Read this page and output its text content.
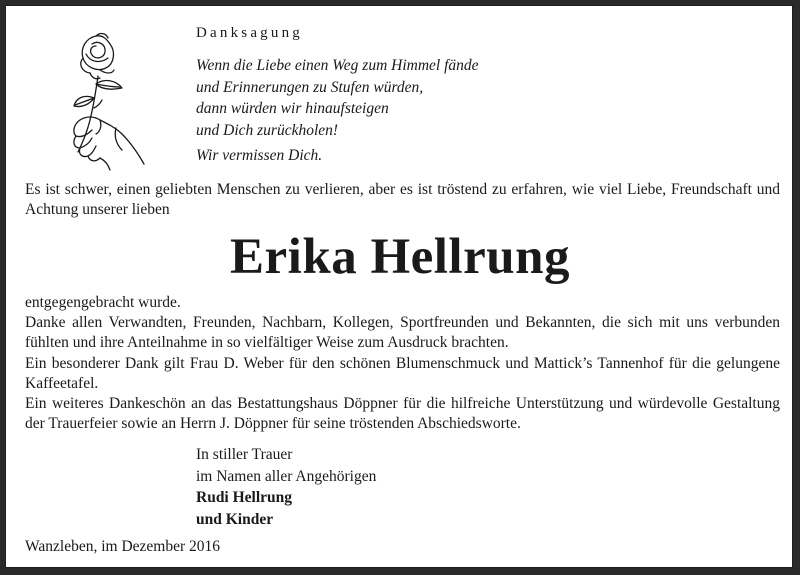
Danksagung
Wenn die Liebe einen Weg zum Himmel fände
und Erinnerungen zu Stufen würden,
dann würden wir hinaufsteigen
und Dich zurückholen!
Wir vermissen Dich.
Es ist schwer, einen geliebten Menschen zu verlieren, aber es ist tröstend zu erfahren, wie viel Liebe, Freundschaft und Achtung unserer lieben
Erika Hellrung

entgegengebracht wurde.

Danke allen Verwandten, Freunden, Nachbarn, Kollegen, Sportfreunden und Bekannten, die sich mit uns verbunden fühlten und ihre Anteilnahme in so vielfältiger Weise zum Ausdruck brachten.

Ein besonderer Dank gilt Frau D. Weber für den schönen Blumenschmuck und Mattick’s Tannenhof für die gelungene Kaffeetafel.

Ein weiteres Dankeschön an das Bestattungshaus Döppner für die hilfreiche Unterstützung und würdevolle Gestaltung der Trauerfeier sowie an Herrn J. Döppner für seine tröstenden Abschiedsworte.

In stiller Trauer
im Namen aller Angehörigen
Rudi Hellrung
und Kinder
Wanzleben, im Dezember 2016
